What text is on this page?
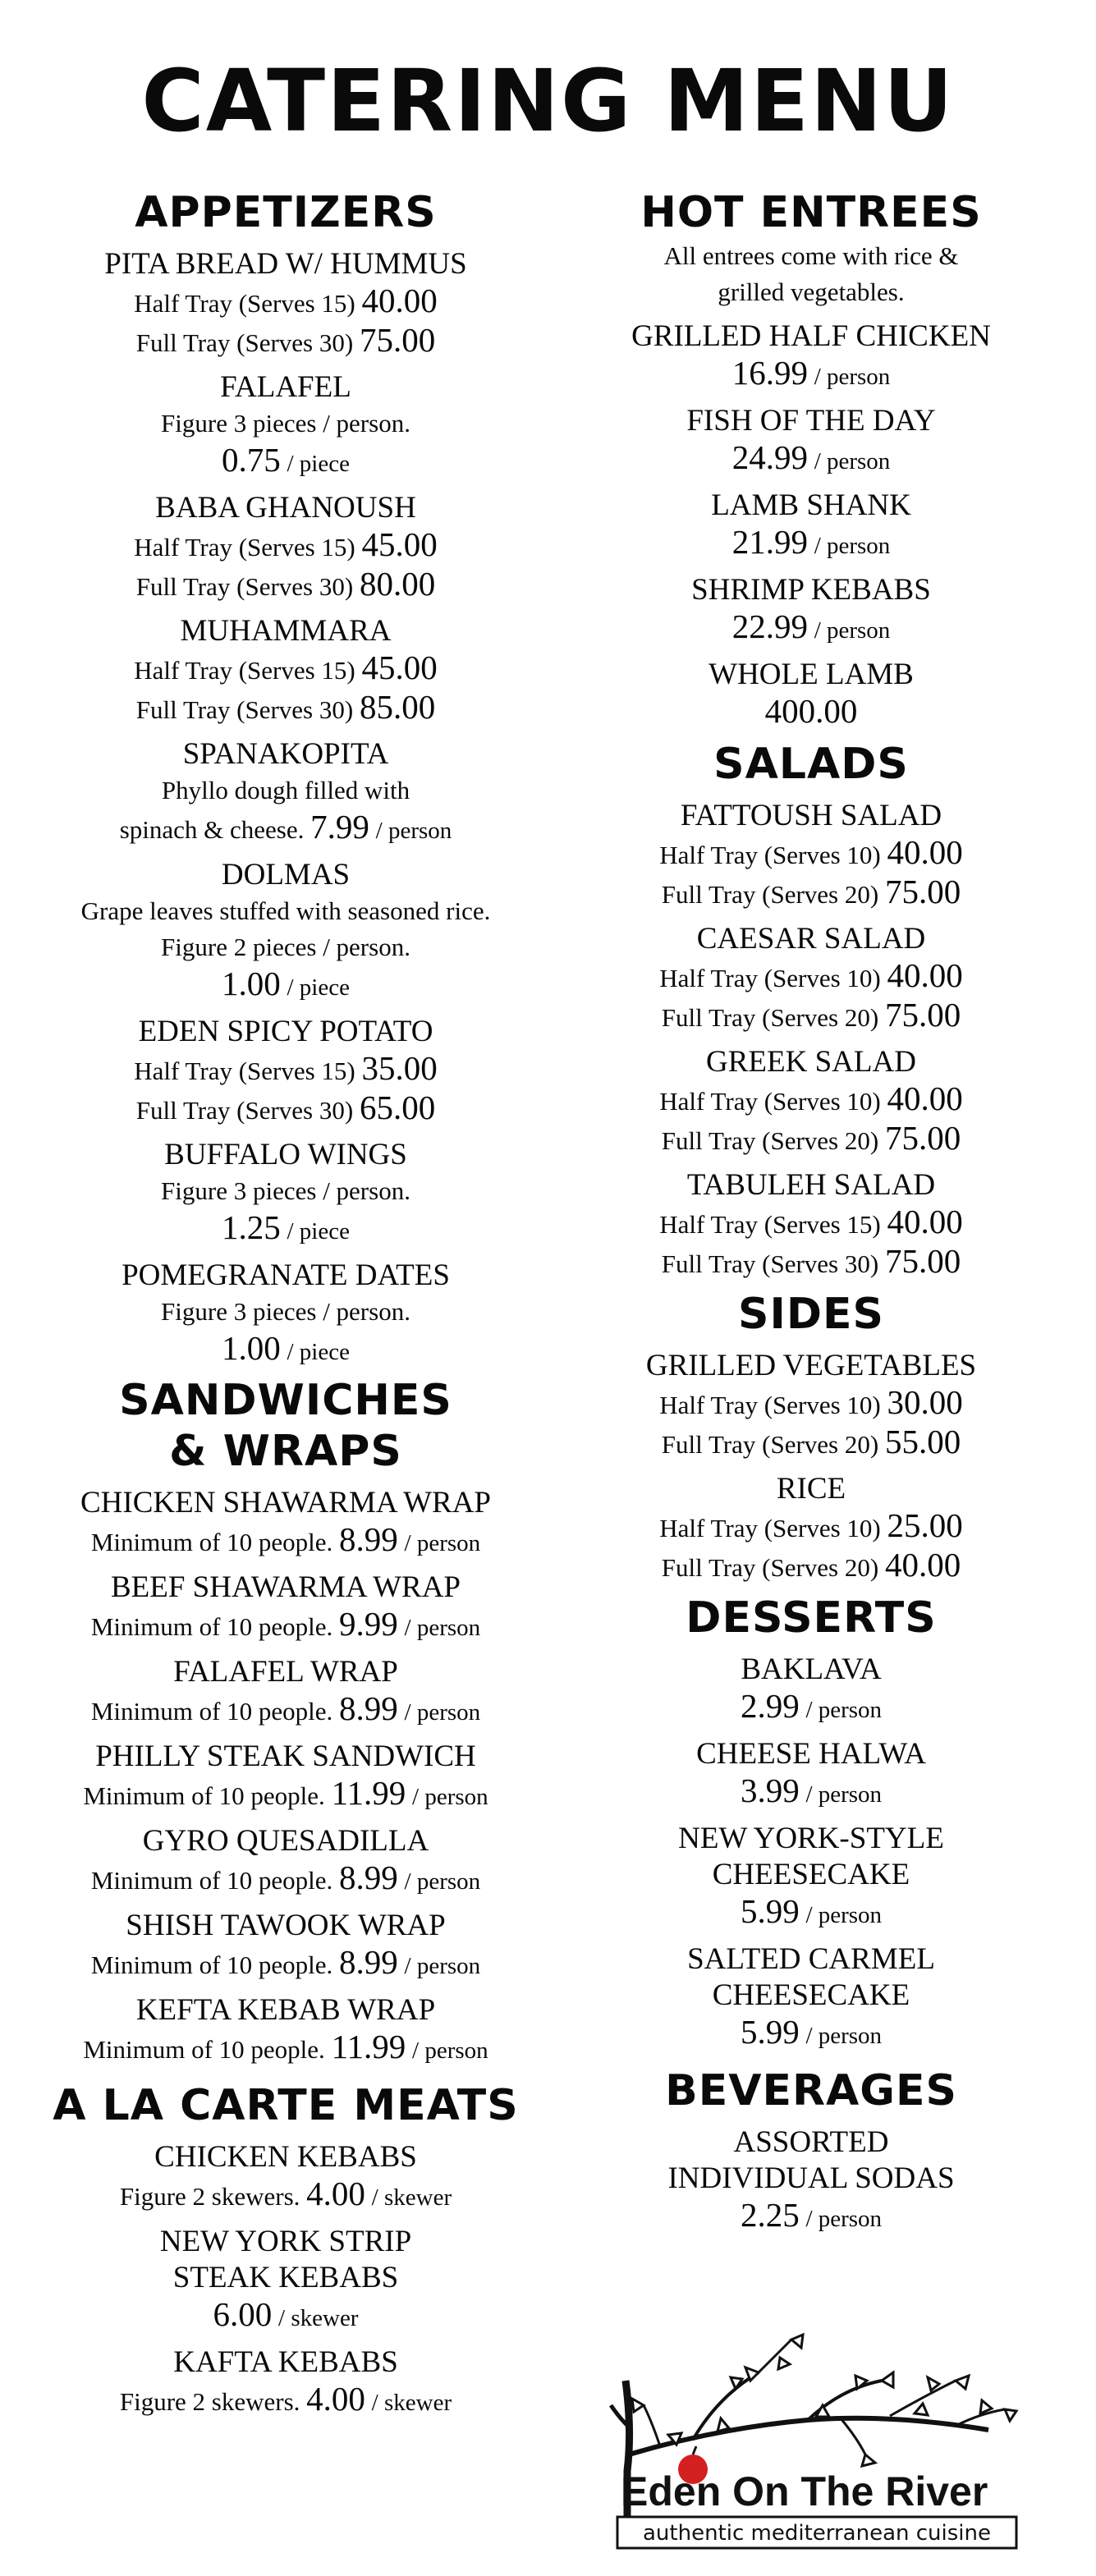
CATERING MENU
APPETIZERS
PITA BREAD W/ HUMMUS
Half Tray (Serves 15) 40.00
Full Tray (Serves 30) 75.00
FALAFEL
Figure 3 pieces / person.
0.75 / piece
BABA GHANOUSH
Half Tray (Serves 15) 45.00
Full Tray (Serves 30) 80.00
MUHAMMARA
Half Tray (Serves 15) 45.00
Full Tray (Serves 30) 85.00
SPANAKOPITA
Phyllo dough filled with
spinach & cheese. 7.99 / person
DOLMAS
Grape leaves stuffed with seasoned rice.
Figure 2 pieces / person.
1.00 / piece
EDEN SPICY POTATO
Half Tray (Serves 15) 35.00
Full Tray (Serves 30) 65.00
BUFFALO WINGS
Figure 3 pieces / person.
1.25 / piece
POMEGRANATE DATES
Figure 3 pieces / person.
1.00 / piece
SANDWICHES
& WRAPS
CHICKEN SHAWARMA WRAP
Minimum of 10 people. 8.99 / person
BEEF SHAWARMA WRAP
Minimum of 10 people. 9.99 / person
FALAFEL WRAP
Minimum of 10 people. 8.99 / person
PHILLY STEAK SANDWICH
Minimum of 10 people. 11.99 / person
GYRO QUESADILLA
Minimum of 10 people. 8.99 / person
SHISH TAWOOK WRAP
Minimum of 10 people. 8.99 / person
KEFTA KEBAB WRAP
Minimum of 10 people. 11.99 / person
A LA CARTE MEATS
CHICKEN KEBABS
Figure 2 skewers. 4.00 / skewer
NEW YORK STRIP
STEAK KEBABS
6.00 / skewer
KAFTA KEBABS
Figure 2 skewers. 4.00 / skewer
HOT ENTREES
All entrees come with rice &
grilled vegetables.
GRILLED HALF CHICKEN
16.99 / person
FISH OF THE DAY
24.99 / person
LAMB SHANK
21.99 / person
SHRIMP KEBABS
22.99 / person
WHOLE LAMB
400.00
SALADS
FATTOUSH SALAD
Half Tray (Serves 10) 40.00
Full Tray (Serves 20) 75.00
CAESAR SALAD
Half Tray (Serves 10) 40.00
Full Tray (Serves 20) 75.00
GREEK SALAD
Half Tray (Serves 10) 40.00
Full Tray (Serves 20) 75.00
TABULEH SALAD
Half Tray (Serves 15) 40.00
Full Tray (Serves 30) 75.00
SIDES
GRILLED VEGETABLES
Half Tray (Serves 10) 30.00
Full Tray (Serves 20) 55.00
RICE
Half Tray (Serves 10) 25.00
Full Tray (Serves 20) 40.00
DESSERTS
BAKLAVA
2.99 / person
CHEESE HALWA
3.99 / person
NEW YORK-STYLE
CHEESECAKE
5.99 / person
SALTED CARMEL
CHEESECAKE
5.99 / person
BEVERAGES
ASSORTED
INDIVIDUAL SODAS
2.25 / person
Eden On The River
authentic mediterranean cuisine
